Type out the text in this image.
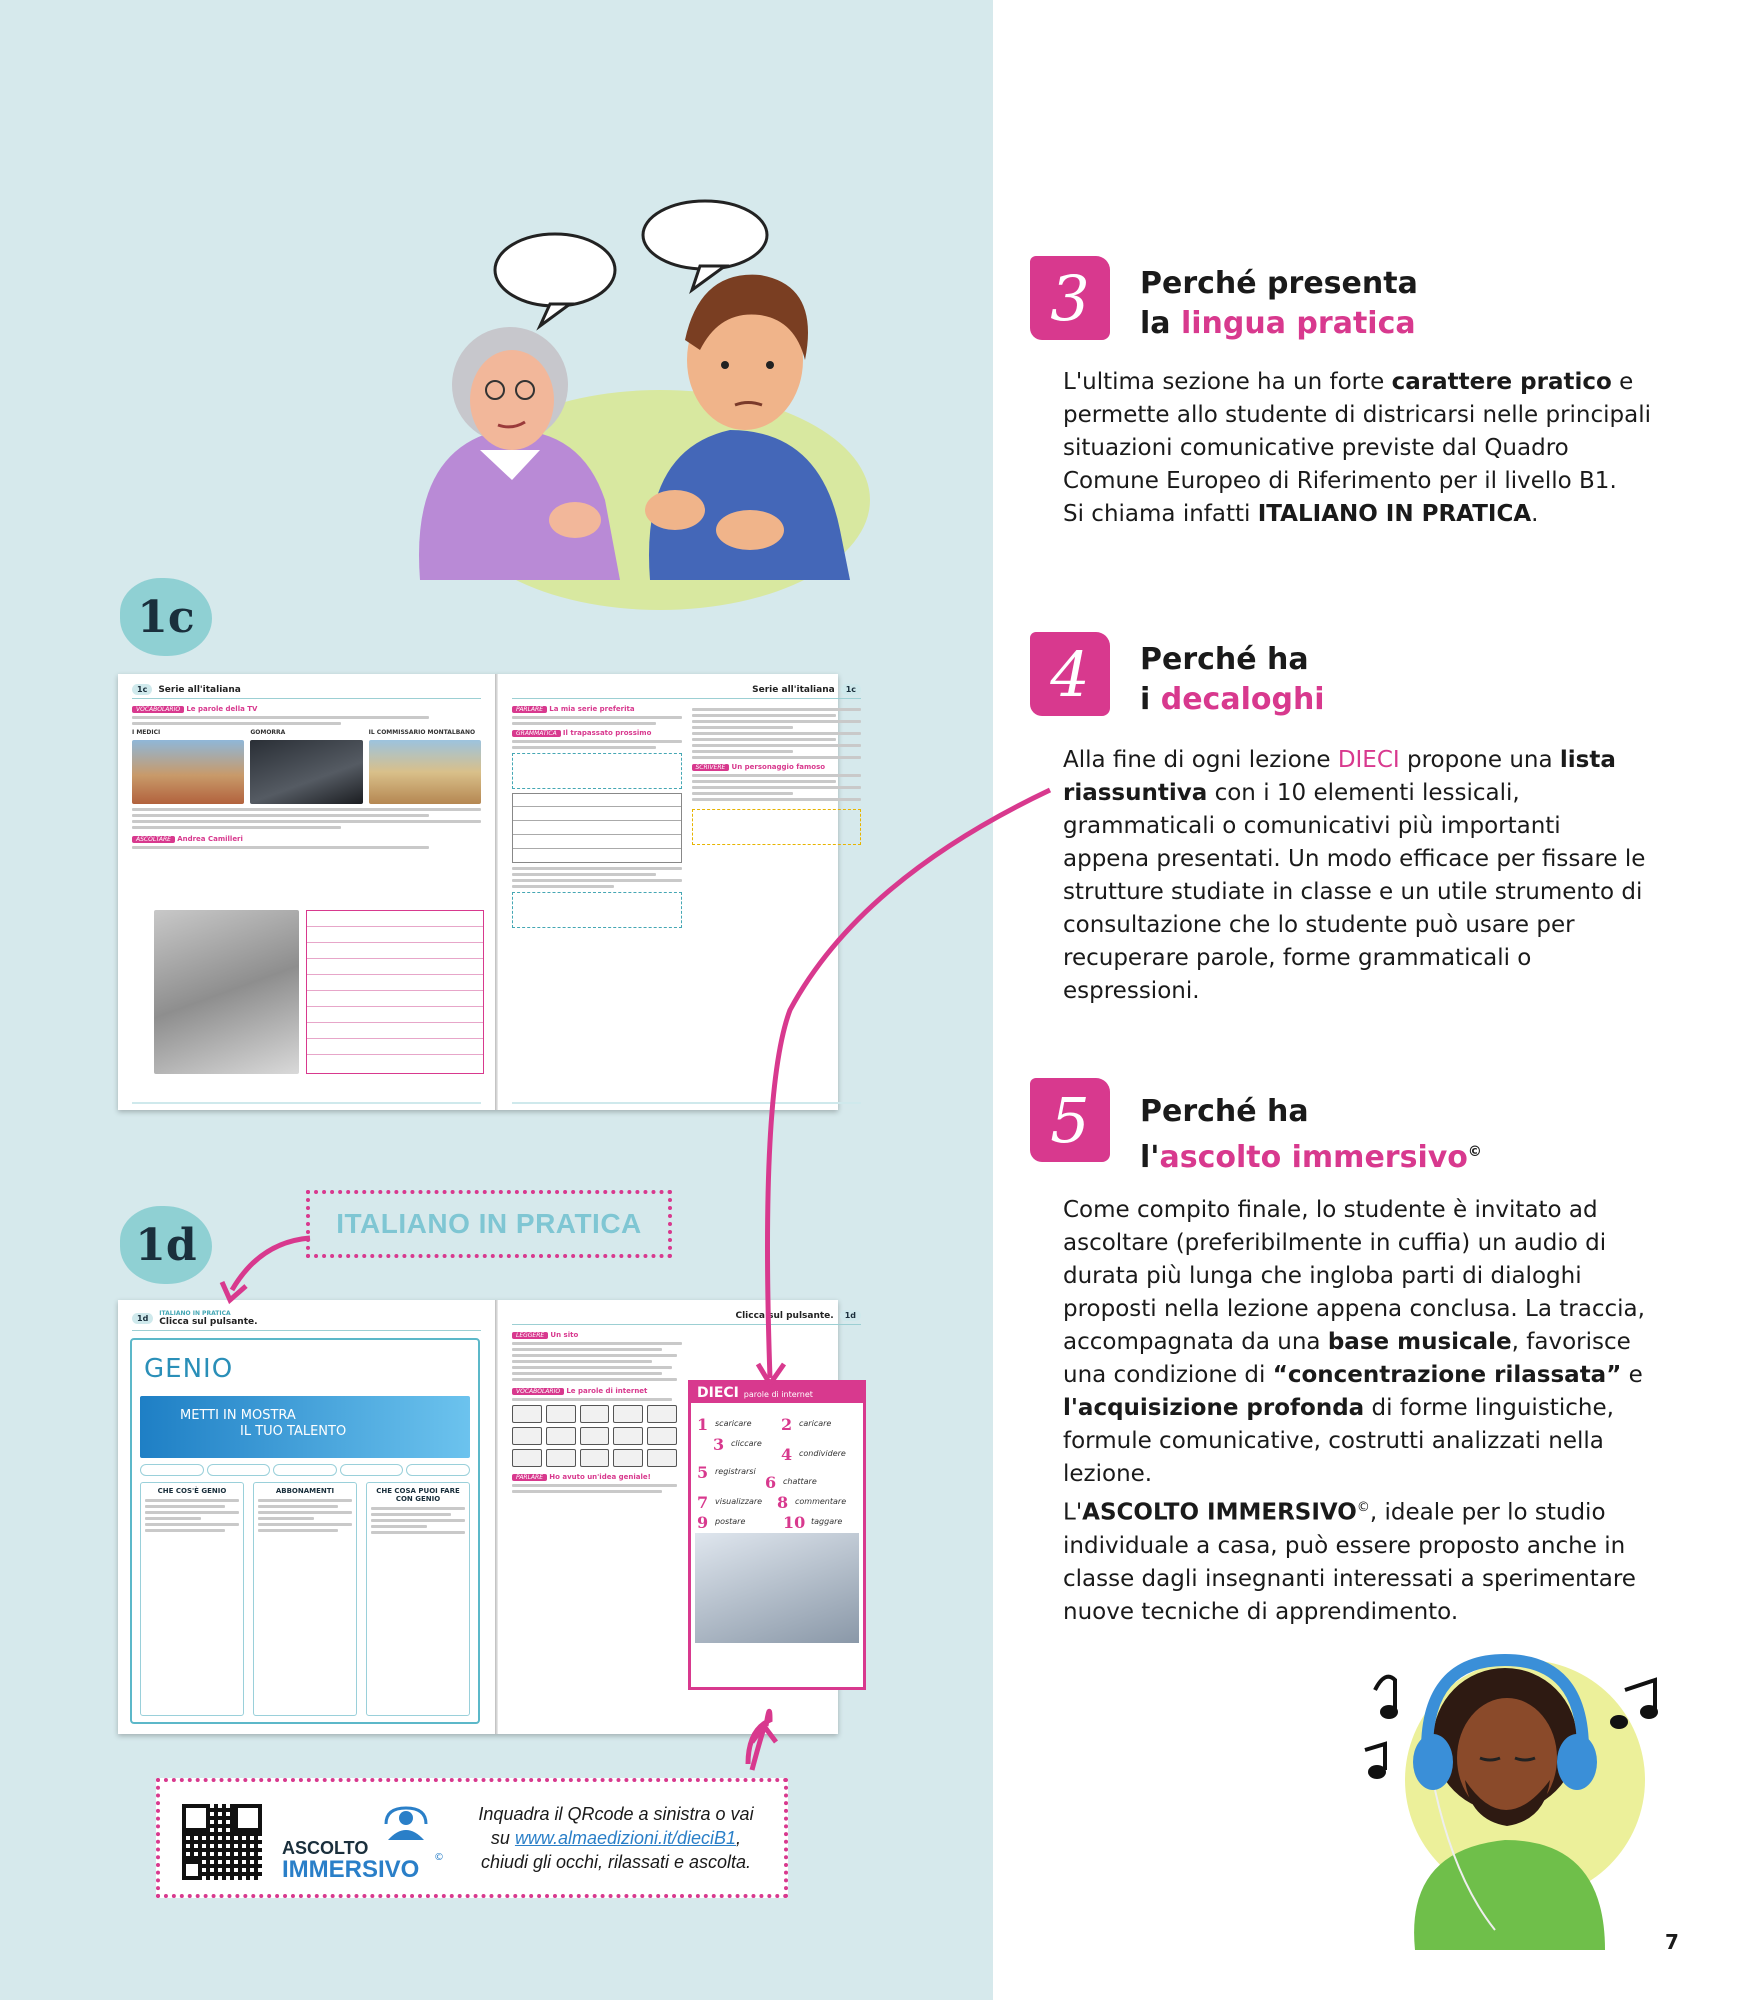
1c
1c	Serie all'italiana
VOCABOLARIO Le parole della TV
I MEDICI	GOMORRA	IL COMMISSARIO MONTALBANO
ASCOLTARE Andrea Camilleri
Serie all'italiana	1c
PARLARE La mia serie preferita
GRAMMATICA Il trapassato prossimo
SCRIVERE Un personaggio famoso
1d	ITALIANO IN PRATICA
1d
ITALIANO IN PRATICA
Clicca sul pulsante.
GENIO
METTI IN MOSTRA
IL TUO TALENTO
CHE COS'È GENIO	ABBONAMENTI	CHE COSA PUOI FARE CON GENIO
Clicca sul pulsante.	1d
LEGGERE Un sito
VOCABOLARIO Le parole di internet
PARLARE Ho avuto un'idea geniale!
DIECI parole di internet
1 scaricare 2 caricare
3 cliccare
4 condividere
5 registrarsi
6 chattare
7 visualizzare 8 commentare
9 postare 10 taggare
ASCOLTO
IMMERSIVO ©
Inquadra il QRcode a sinistra o vai
su www.almaedizioni.it/dieciB1,
chiudi gli occhi, rilassati e ascolta.
3	Perché presenta
la lingua pratica
L'ultima sezione ha un forte carattere pratico e permette allo studente di districarsi nelle principali situazioni comunicative previste dal Quadro Comune Europeo di Riferimento per il livello B1.
Si chiama infatti ITALIANO IN PRATICA.
4	Perché ha
i decaloghi
Alla fine di ogni lezione DIECI propone una lista riassuntiva con i 10 elementi lessicali, grammaticali o comunicativi più importanti appena presentati. Un modo efficace per fissare le strutture studiate in classe e un utile strumento di consultazione che lo studente può usare per recuperare parole, forme grammaticali o espressioni.
5	Perché ha
l'ascolto immersivo©
Come compito finale, lo studente è invitato ad ascoltare (preferibilmente in cuffia) un audio di durata più lunga che ingloba parti di dialoghi proposti nella lezione appena conclusa. La traccia, accompagnata da una base musicale, favorisce una condizione di “concentrazione rilassata” e l'acquisizione profonda di forme linguistiche, formule comunicative, costrutti analizzati nella lezione.
L'ASCOLTO IMMERSIVO©, ideale per lo studio individuale a casa, può essere proposto anche in classe dagli insegnanti interessati a sperimentare nuove tecniche di apprendimento.
7
